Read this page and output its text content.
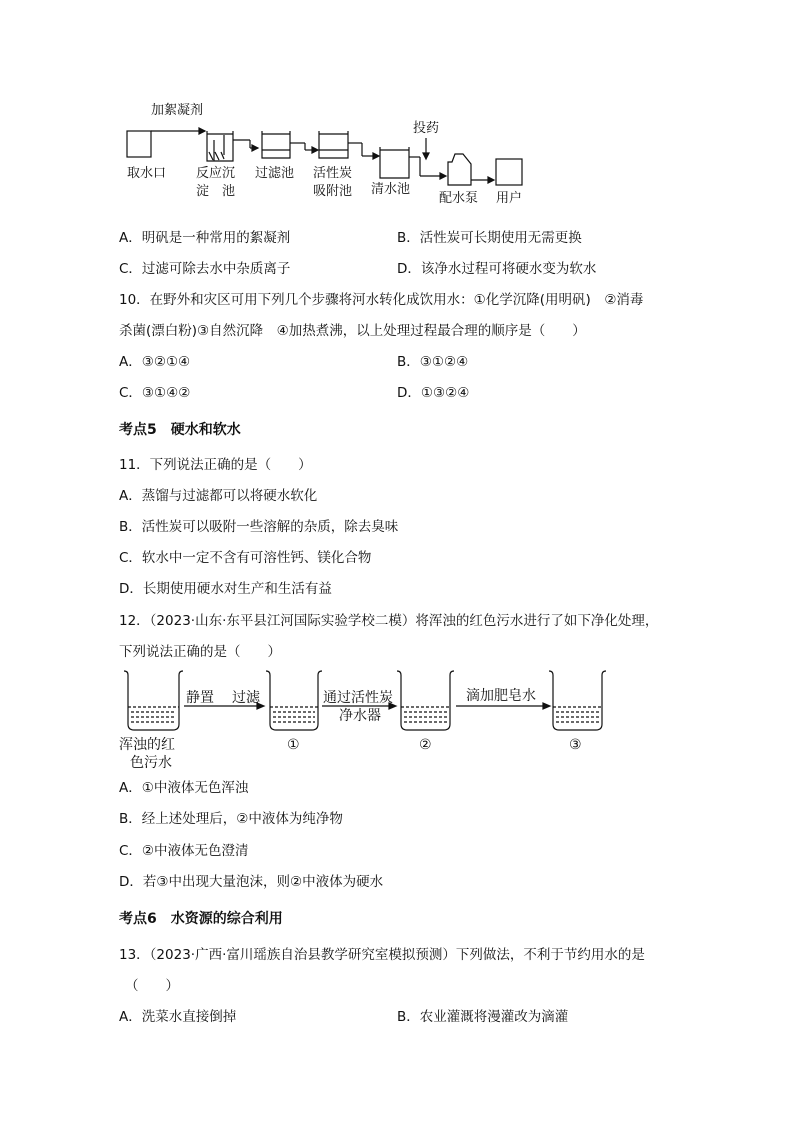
加絮凝剂
投药
取水口 反应沉
淀　池
过滤池 活性炭
吸附池 清水池
配水泵 用户
A．明矾是一种常用的絮凝剂	B．活性炭可长期使用无需更换
C．过滤可除去水中杂质离子	D．该净水过程可将硬水变为软水
10．在野外和灾区可用下列几个步骤将河水转化成饮用水：①化学沉降(用明矾)　②消毒
杀菌(漂白粉)③自然沉降　④加热煮沸，以上处理过程最合理的顺序是（　　）
A．③②①④	B．③①②④
C．③①④②	D．①③②④
考点5　硬水和软水
11．下列说法正确的是（　　）
A．蒸馏与过滤都可以将硬水软化
B．活性炭可以吸附一些溶解的杂质，除去臭味
C．软水中一定不含有可溶性钙、镁化合物
D．长期使用硬水对生产和生活有益
12．（2023·山东·东平县江河国际实验学校二模）将浑浊的红色污水进行了如下净化处理，
下列说法正确的是（　　）
静置 过滤	通过活性炭
净水器
滴加肥皂水
浑浊的红
色污水
①	②	③
A．①中液体无色浑浊
B．经上述处理后，②中液体为纯净物
C．②中液体无色澄清
D．若③中出现大量泡沫，则②中液体为硬水
考点6　水资源的综合利用
13．（2023·广西·富川瑶族自治县教学研究室模拟预测）下列做法，不利于节约用水的是
（　　）
A．洗菜水直接倒掉	B．农业灌溉将漫灌改为滴灌
